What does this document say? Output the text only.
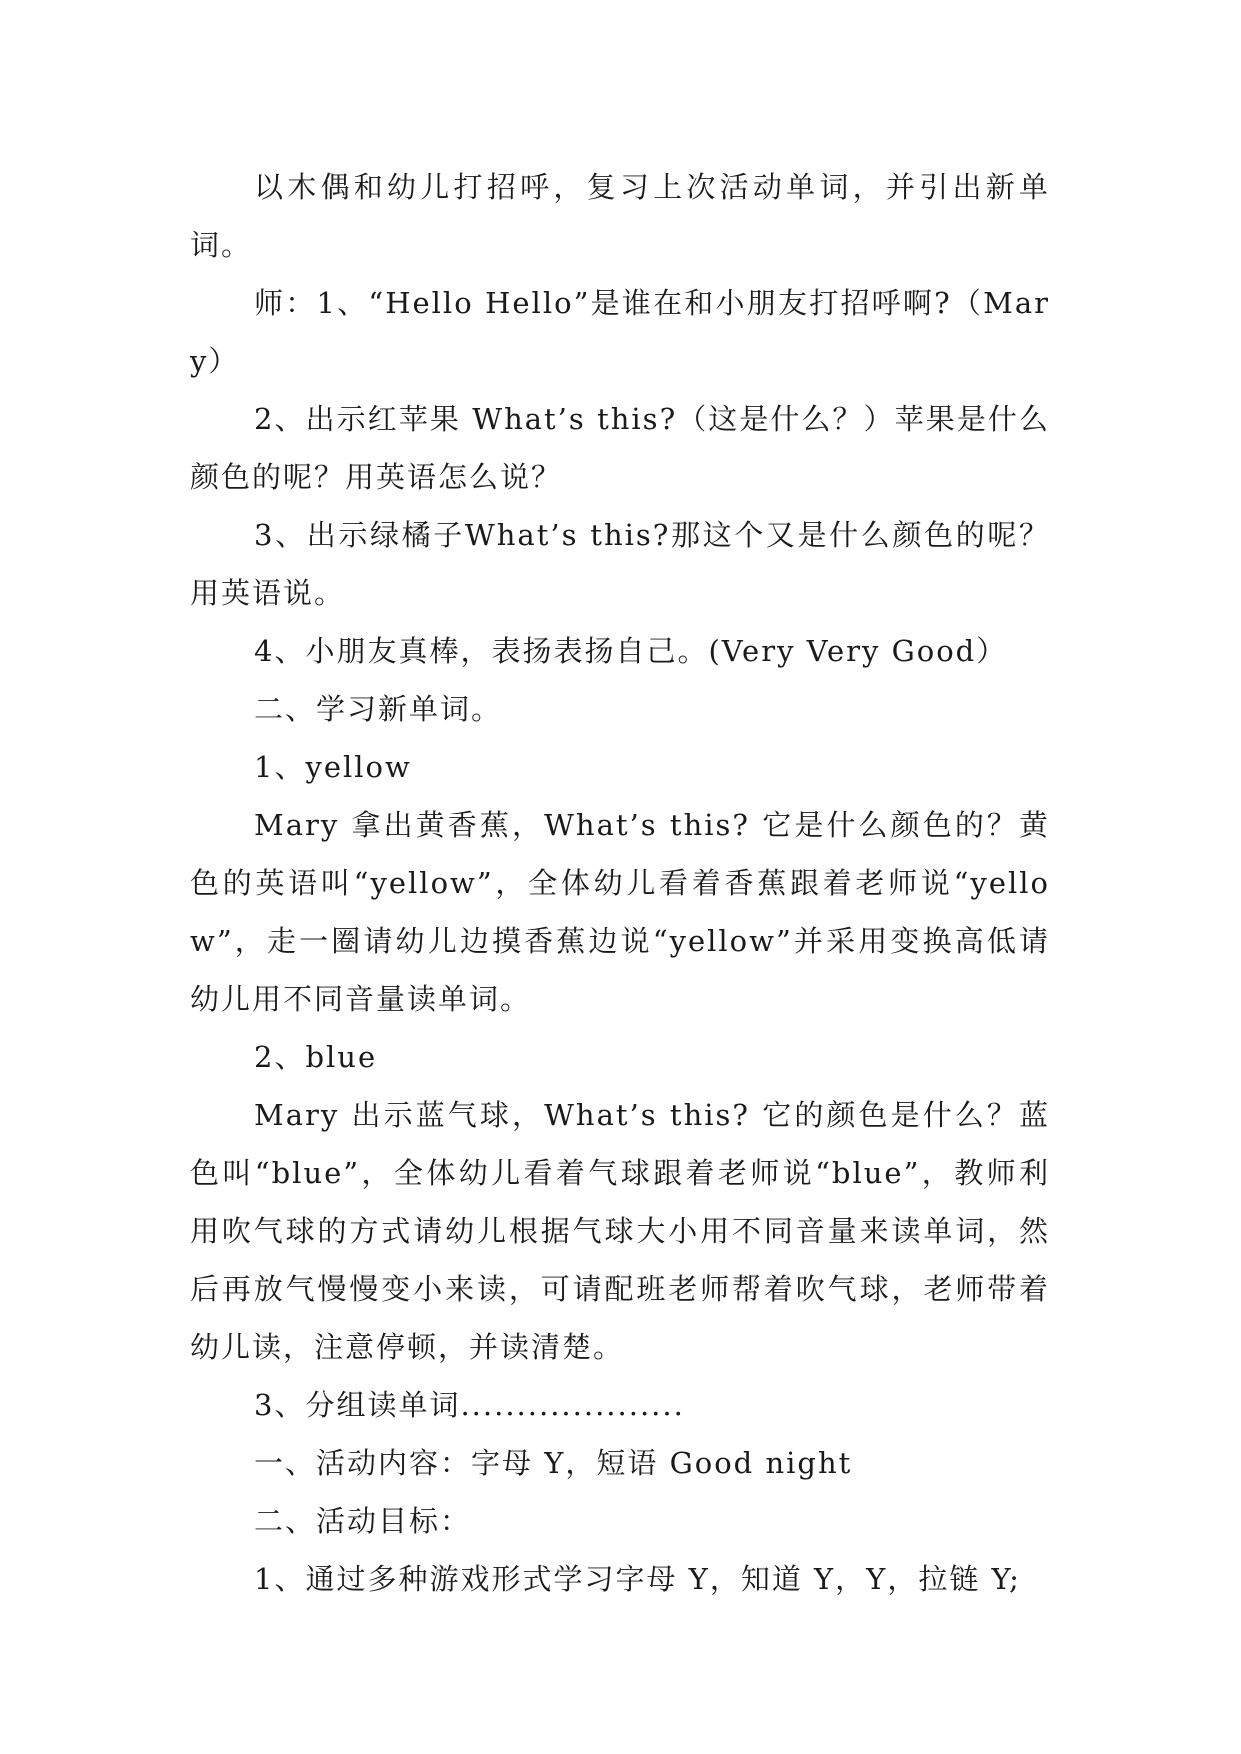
以木偶和幼儿打招呼，复习上次活动单词，并引出新单词。

师：1、“Hello Hello”是谁在和小朋友打招呼啊?（Mary）

2、出示红苹果 What’s this?（这是什么？）苹果是什么颜色的呢？用英语怎么说？

3、出示绿橘子What’s this?那这个又是什么颜色的呢？用英语说。

4、小朋友真棒，表扬表扬自己。(Very Very Good）

二、学习新单词。

1、yellow

Mary 拿出黄香蕉，What’s this? 它是什么颜色的？黄色的英语叫“yellow”，全体幼儿看着香蕉跟着老师说“yellow”，走一圈请幼儿边摸香蕉边说“yellow”并采用变换高低请幼儿用不同音量读单词。

2、blue

Mary 出示蓝气球，What’s this? 它的颜色是什么？蓝色叫“blue”，全体幼儿看着气球跟着老师说“blue”，教师利用吹气球的方式请幼儿根据气球大小用不同音量来读单词，然后再放气慢慢变小来读，可请配班老师帮着吹气球，老师带着幼儿读，注意停顿，并读清楚。

3、分组读单词....................

一、活动内容：字母 Y，短语 Good night

二、活动目标：

1、通过多种游戏形式学习字母 Y，知道 Y，Y，拉链 Y;
